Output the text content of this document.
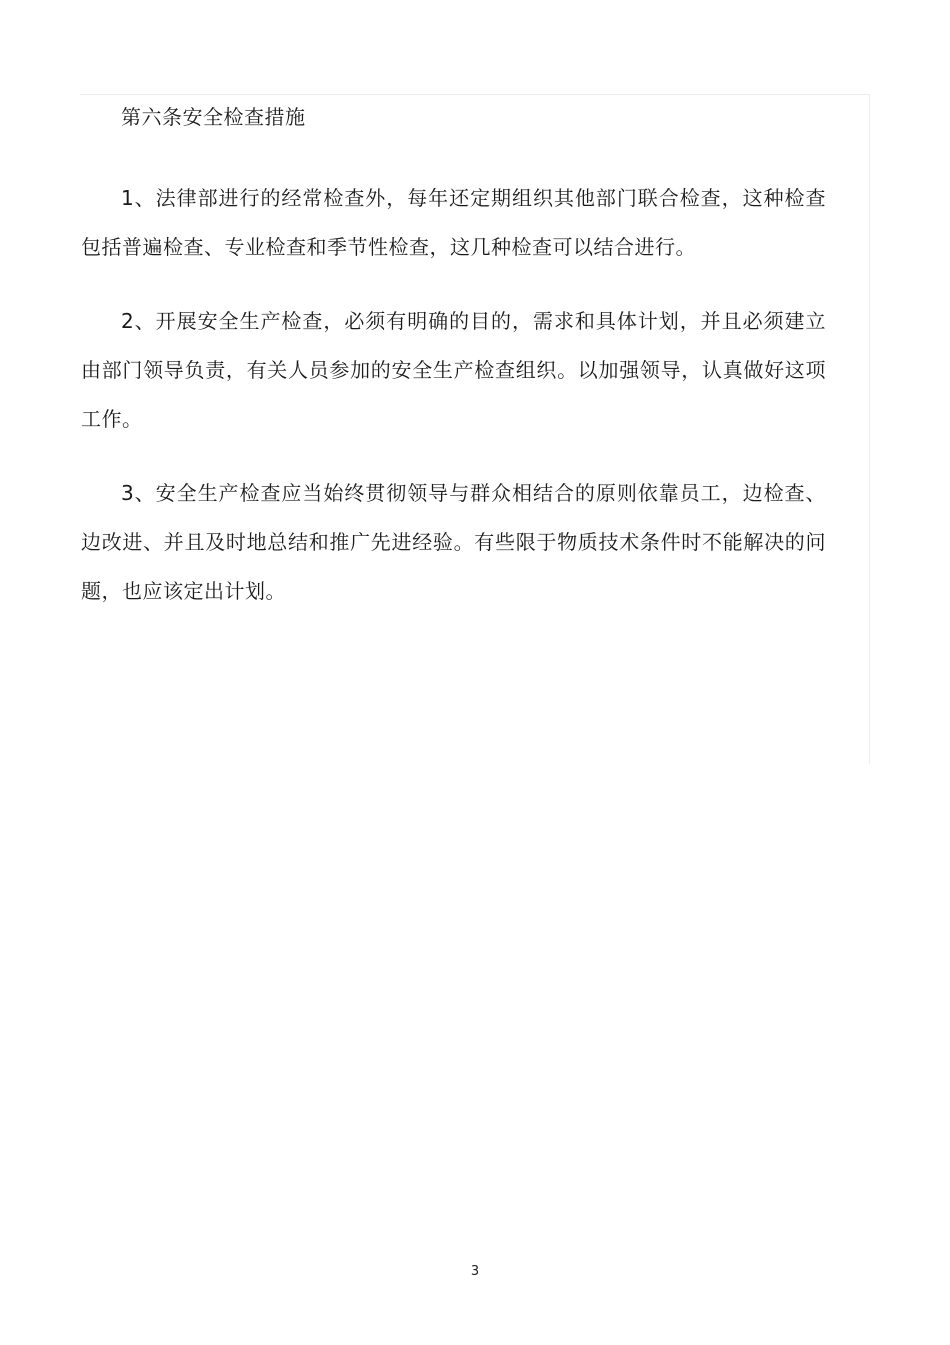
第六条安全检查措施

1、法律部进行的经常检查外，每年还定期组织其他部门联合检查，这种检查包括普遍检查、专业检查和季节性检查，这几种检查可以结合进行。

2、开展安全生产检查，必须有明确的目的，需求和具体计划，并且必须建立由部门领导负责，有关人员参加的安全生产检查组织。以加强领导，认真做好这项工作。

3、安全生产检查应当始终贯彻领导与群众相结合的原则依靠员工，边检查、边改进、并且及时地总结和推广先进经验。有些限于物质技术条件时不能解决的问题，也应该定出计划。

3
